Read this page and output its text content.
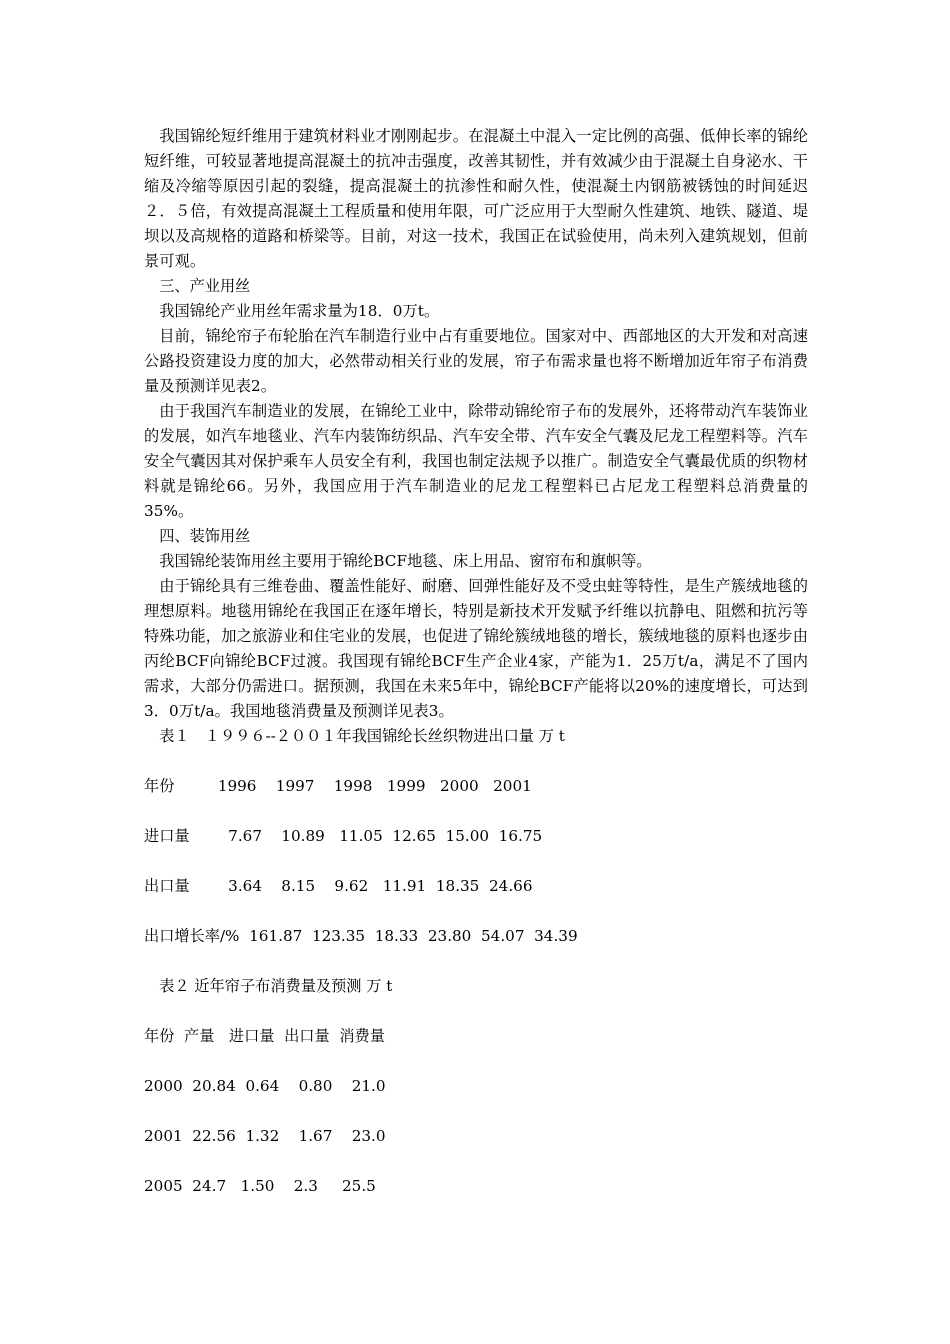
我国锦纶短纤维用于建筑材料业才刚刚起步。在混凝土中混入一定比例的高强、低伸长率的锦纶短纤维，可较显著地提高混凝土的抗冲击强度，改善其韧性，并有效减少由于混凝土自身泌水、干缩及冷缩等原因引起的裂缝，提高混凝土的抗渗性和耐久性，使混凝土内钢筋被锈蚀的时间延迟２．５倍，有效提高混凝土工程质量和使用年限，可广泛应用于大型耐久性建筑、地铁、隧道、堤坝以及高规格的道路和桥梁等。目前，对这一技术，我国正在试验使用，尚未列入建筑规划，但前景可观。

三、产业用丝

我国锦纶产业用丝年需求量为18．0万t。

目前，锦纶帘子布轮胎在汽车制造行业中占有重要地位。国家对中、西部地区的大开发和对高速公路投资建设力度的加大，必然带动相关行业的发展，帘子布需求量也将不断增加近年帘子布消费量及预测详见表2。

由于我国汽车制造业的发展，在锦纶工业中，除带动锦纶帘子布的发展外，还将带动汽车装饰业的发展，如汽车地毯业、汽车内装饰纺织品、汽车安全带、汽车安全气囊及尼龙工程塑料等。汽车安全气囊因其对保护乘车人员安全有利，我国也制定法规予以推广。制造安全气囊最优质的织物材料就是锦纶66。另外，我国应用于汽车制造业的尼龙工程塑料已占尼龙工程塑料总消费量的35%。

四、装饰用丝

我国锦纶装饰用丝主要用于锦纶BCF地毯、床上用品、窗帘布和旗帜等。

由于锦纶具有三维卷曲、覆盖性能好、耐磨、回弹性能好及不受虫蛀等特性，是生产簇绒地毯的理想原料。地毯用锦纶在我国正在逐年增长，特别是新技术开发赋予纤维以抗静电、阻燃和抗污等特殊功能，加之旅游业和住宅业的发展，也促进了锦纶簇绒地毯的增长，簇绒地毯的原料也逐步由丙纶BCF向锦纶BCF过渡。我国现有锦纶BCF生产企业4家，产能为1．25万t/a，满足不了国内需求，大部分仍需进口。据预测，我国在未来5年中，锦纶BCF产能将以20%的速度增长，可达到3．0万t/a。我国地毯消费量及预测详见表3。

表１　１９９６--２００１年我国锦纶长丝织物进出口量 万 t

年份         1996    1997    1998   1999   2000   2001

进口量        7.67    10.89   11.05  12.65  15.00  16.75

出口量        3.64    8.15    9.62   11.91  18.35  24.66

出口增长率/%  161.87  123.35  18.33  23.80  54.07  34.39

表２ 近年帘子布消费量及预测 万 t

年份  产量   进口量  出口量  消费量

2000  20.84  0.64    0.80    21.0

2001  22.56  1.32    1.67    23.0

2005  24.7   1.50    2.3     25.5
